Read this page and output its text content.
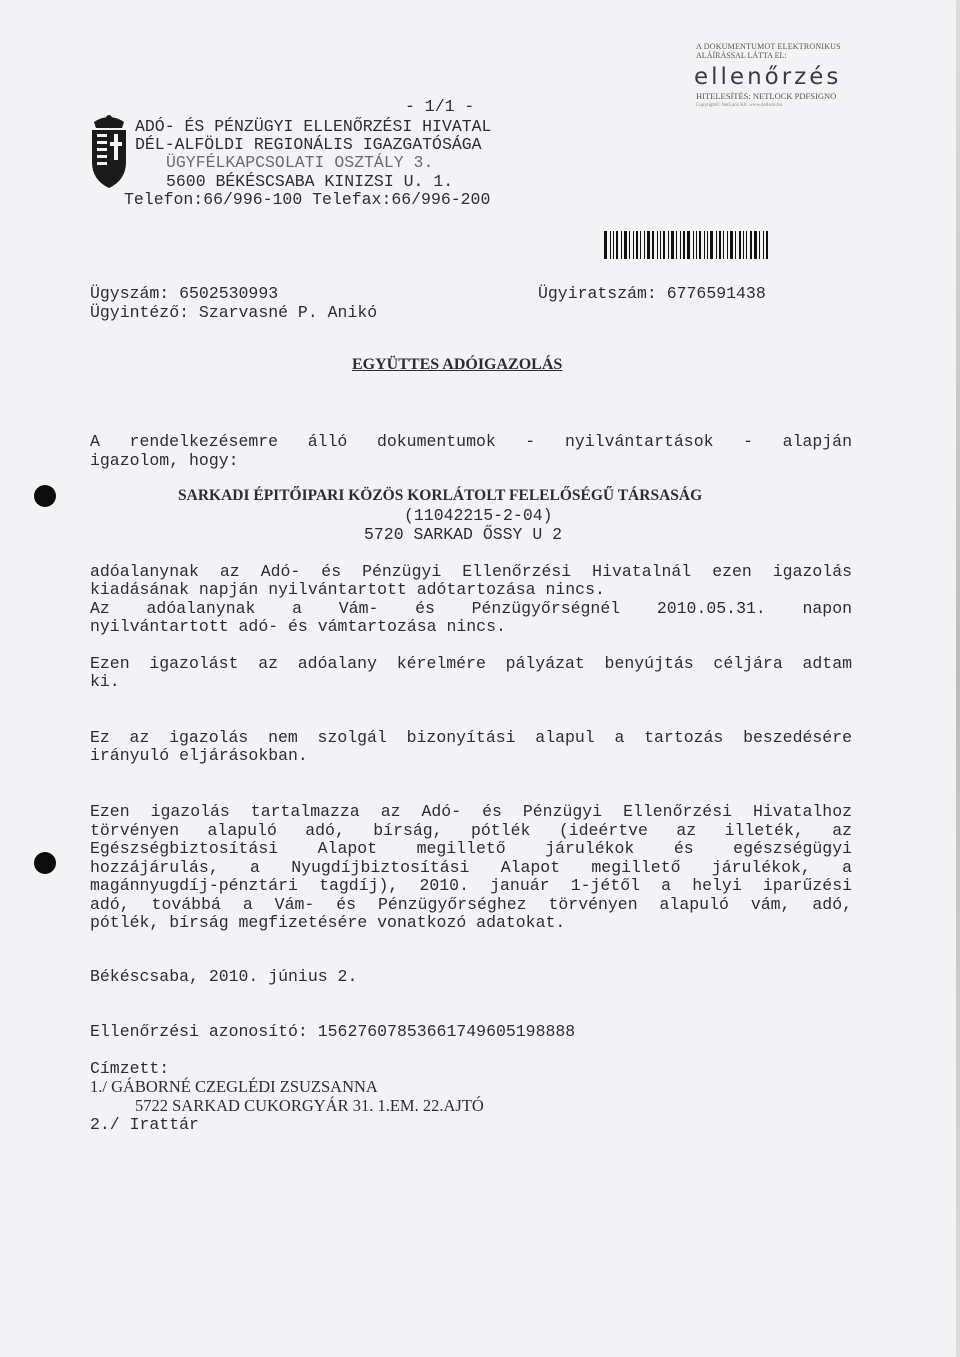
- 1/1 -
ADÓ- ÉS PÉNZÜGYI ELLENŐRZÉSI HIVATAL
DÉL-ALFÖLDI REGIONÁLIS IGAZGATÓSÁGA
ÜGYFÉLKAPCSOLATI OSZTÁLY 3.
5600 BÉKÉSCSABA KINIZSI U. 1.
Telefon:66/996-100 Telefax:66/996-200
A DOKUMENTUMOT ELEKTRONIKUS
ALÁÍRÁSSAL LÁTTA EL:
ellenőrzés
HITELESÍTÉS: NETLOCK PDFSIGNO
Copyright© NetLock Kft. www.netlock.hu
Ügyszám: 6502530993
Ügyintéző: Szarvasné P. Anikó
Ügyiratszám: 6776591438
EGYÜTTES ADÓIGAZOLÁS
A rendelkezésemre álló dokumentumok - nyilvántartások - alapján
igazolom, hogy:
SARKADI ÉPITŐIPARI KÖZÖS KORLÁTOLT FELELŐSÉGŰ TÁRSASÁG
(11042215-2-04)
5720 SARKAD ŐSSY U 2
adóalanynak az Adó- és Pénzügyi Ellenőrzési Hivatalnál ezen igazolás
kiadásának napján nyilvántartott adótartozása nincs.
Az adóalanynak a Vám- és Pénzügyőrségnél 2010.05.31. napon
nyilvántartott adó- és vámtartozása nincs.
Ezen igazolást az adóalany kérelmére pályázat benyújtás céljára adtam
ki.
Ez az igazolás nem szolgál bizonyítási alapul a tartozás beszedésére
irányuló eljárásokban.
Ezen igazolás tartalmazza az Adó- és Pénzügyi Ellenőrzési Hivatalhoz
törvényen alapuló adó, bírság, pótlék (ideértve az illeték, az
Egészségbiztosítási Alapot megillető járulékok és egészségügyi
hozzájárulás, a Nyugdíjbiztosítási Alapot megillető járulékok, a
magánnyugdíj-pénztári tagdíj), 2010. január 1-jétől a helyi iparűzési
adó, továbbá a Vám- és Pénzügyőrséghez törvényen alapuló vám, adó,
pótlék, bírság megfizetésére vonatkozó adatokat.
Békéscsaba, 2010. június 2.
Ellenőrzési azonosító: 15627607853661749605198888
Címzett:
1./ GÁBORNÉ CZEGLÉDI ZSUZSANNA
5722 SARKAD CUKORGYÁR 31. 1.EM. 22.AJTÓ
2./ Irattár
